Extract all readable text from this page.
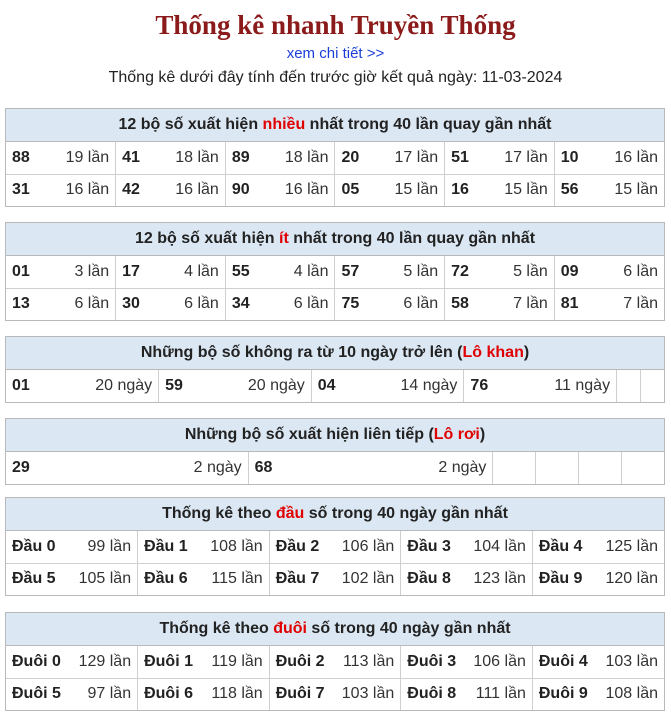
Thống kê nhanh Truyền Thống
xem chi tiết >>
Thống kê dưới đây tính đến trước giờ kết quả ngày: 11-03-2024
12 bộ số xuất hiện nhiều nhất trong 40 lần quay gần nhất
88 19 lần	41 18 lần	89 18 lần	20 17 lần	51 17 lần	10 16 lần

31 16 lần	42 16 lần	90 16 lần	05 15 lần	16 15 lần	56 15 lần
12 bộ số xuất hiện ít nhất trong 40 lần quay gần nhất
01 3 lần	17 4 lần	55 4 lần	57 5 lần	72 5 lần	09 6 lần

13 6 lần	30 6 lần	34 6 lần	75 6 lần	58 7 lần	81 7 lần
Những bộ số không ra từ 10 ngày trở lên (Lô khan)
01	20 ngày	59	20 ngày	04	14 ngày	76	11 ngày

Những bộ số xuất hiện liên tiếp (Lô rơi)
29	2 ngày	68	2 ngày

Thống kê theo đầu số trong 40 ngày gần nhất
Đầu 0 99 lần	Đầu 1 108 lần	Đầu 2 106 lần	Đầu 3 104 lần	Đầu 4 125 lần

Đầu 5 105 lần	Đầu 6 115 lần	Đầu 7 102 lần	Đầu 8 123 lần	Đầu 9 120 lần
Thống kê theo đuôi số trong 40 ngày gần nhất
Đuôi 0 129 lần	Đuôi 1 119 lần	Đuôi 2 113 lần	Đuôi 3 106 lần	Đuôi 4 103 lần

Đuôi 5 97 lần	Đuôi 6 118 lần	Đuôi 7 103 lần	Đuôi 8 111 lần	Đuôi 9 108 lần
